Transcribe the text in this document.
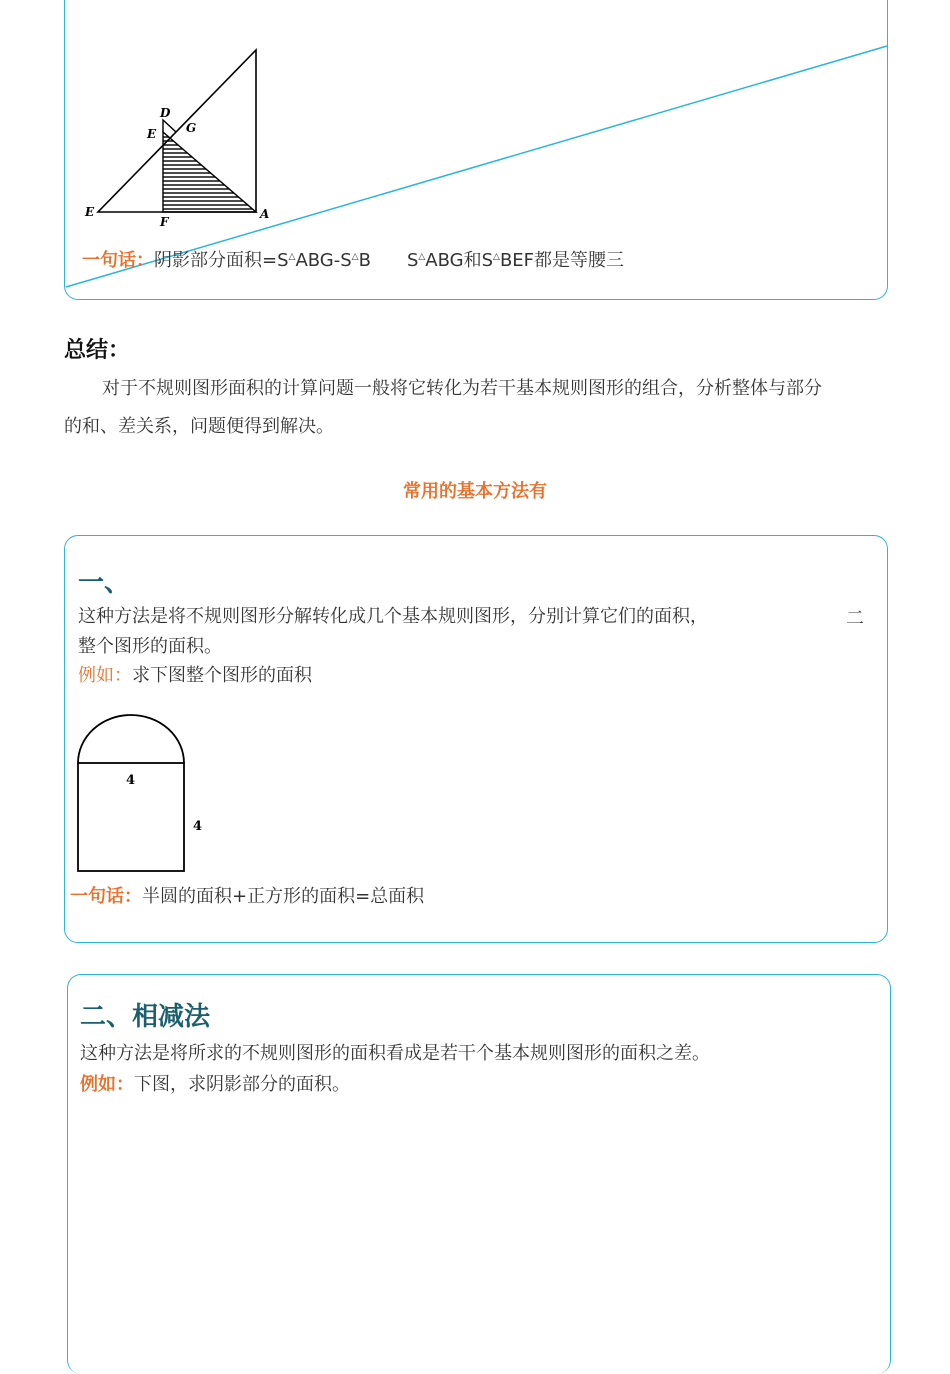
D
G
E
E
F
A
一句话：阴影部分面积=S△ABG-S△B S△ABG和S△BEF都是等腰三
总结：
对于不规则图形面积的计算问题一般将它转化为若干基本规则图形的组合，分析整体与部分
的和、差关系，问题便得到解决。
常用的基本方法有
一、
这种方法是将不规则图形分解转化成几个基本规则图形，分别计算它们的面积，	二
整个图形的面积。
例如：求下图整个图形的面积
4
4
一句话：半圆的面积+正方形的面积=总面积
二、相减法
这种方法是将所求的不规则图形的面积看成是若干个基本规则图形的面积之差。
例如：下图，求阴影部分的面积。
